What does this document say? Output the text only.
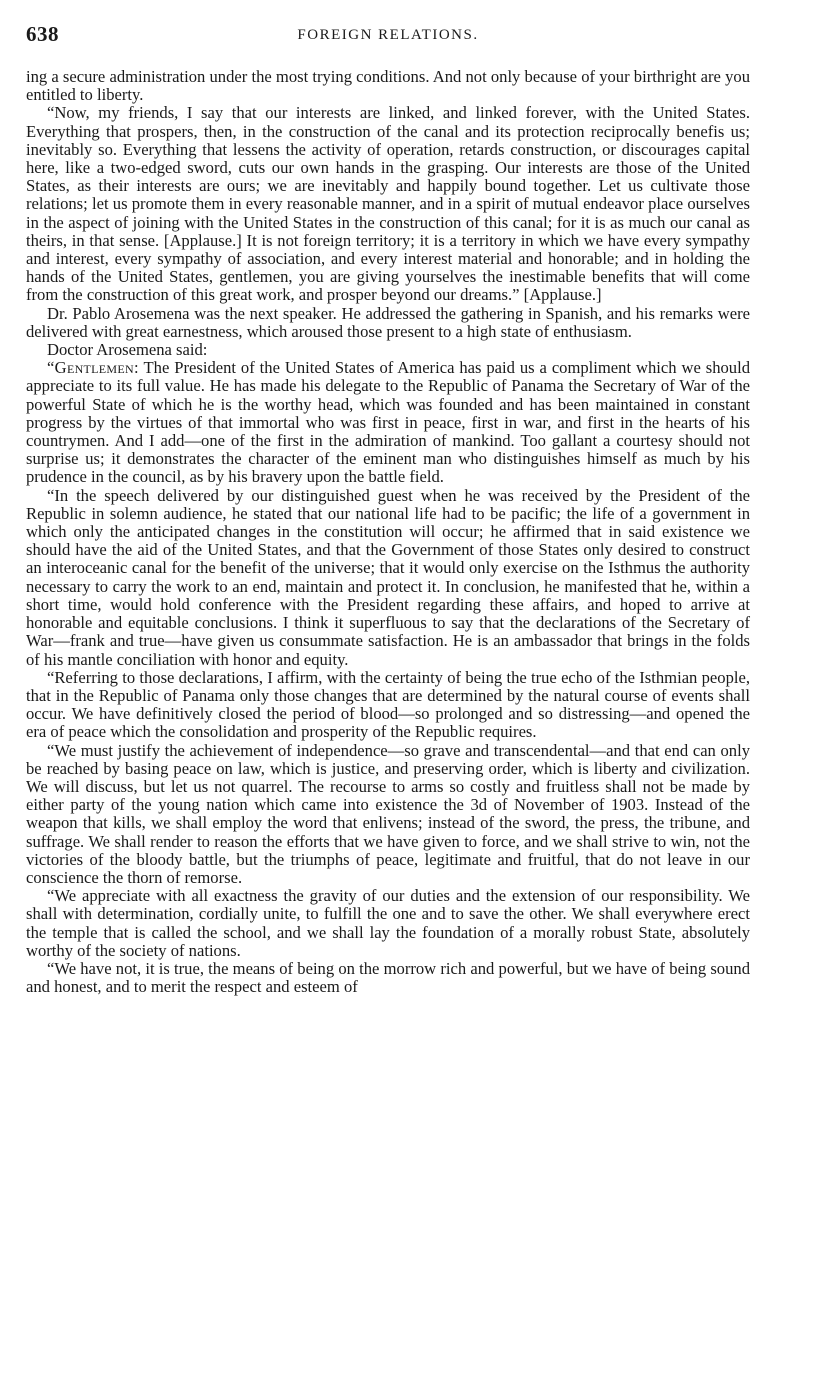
638	FOREIGN RELATIONS.

ing a secure administration under the most trying conditions. And not only because of your birthright are you entitled to liberty.

“Now, my friends, I say that our interests are linked, and linked forever, with the United States. Everything that prospers, then, in the construction of the canal and its protection reciprocally benefis us; inevitably so. Everything that lessens the activity of operation, retards construction, or discourages capital here, like a two-edged sword, cuts our own hands in the grasping. Our interests are those of the United States, as their interests are ours; we are inevitably and happily bound together. Let us cultivate those relations; let us promote them in every reasonable manner, and in a spirit of mutual endeavor place ourselves in the aspect of joining with the United States in the construction of this canal; for it is as much our canal as theirs, in that sense. [Applause.] It is not foreign territory; it is a territory in which we have every sympathy and interest, every sympathy of association, and every interest material and honorable; and in holding the hands of the United States, gentlemen, you are giving yourselves the inestimable benefits that will come from the construction of this great work, and prosper beyond our dreams.” [Applause.]

Dr. Pablo Arosemena was the next speaker. He addressed the gathering in Spanish, and his remarks were delivered with great earnestness, which aroused those present to a high state of enthusiasm.

Doctor Arosemena said:

“Gentlemen: The President of the United States of America has paid us a compliment which we should appreciate to its full value. He has made his delegate to the Republic of Panama the Secretary of War of the powerful State of which he is the worthy head, which was founded and has been maintained in constant progress by the virtues of that immortal who was first in peace, first in war, and first in the hearts of his countrymen. And I add—one of the first in the admiration of mankind. Too gallant a courtesy should not surprise us; it demonstrates the character of the eminent man who distinguishes himself as much by his prudence in the council, as by his bravery upon the battle field.

“In the speech delivered by our distinguished guest when he was received by the President of the Republic in solemn audience, he stated that our national life had to be pacific; the life of a government in which only the anticipated changes in the constitution will occur; he affirmed that in said existence we should have the aid of the United States, and that the Government of those States only desired to construct an interoceanic canal for the benefit of the universe; that it would only exercise on the Isthmus the authority necessary to carry the work to an end, maintain and protect it. In conclusion, he manifested that he, within a short time, would hold conference with the President regarding these affairs, and hoped to arrive at honorable and equitable conclusions. I think it superfluous to say that the declarations of the Secretary of War—frank and true—have given us consummate satisfaction. He is an ambassador that brings in the folds of his mantle conciliation with honor and equity.

“Referring to those declarations, I affirm, with the certainty of being the true echo of the Isthmian people, that in the Republic of Panama only those changes that are determined by the natural course of events shall occur. We have definitively closed the period of blood—so prolonged and so distressing—and opened the era of peace which the consolidation and prosperity of the Republic requires.

“We must justify the achievement of independence—so grave and transcendental—and that end can only be reached by basing peace on law, which is justice, and preserving order, which is liberty and civilization. We will discuss, but let us not quarrel. The recourse to arms so costly and fruitless shall not be made by either party of the young nation which came into existence the 3d of November of 1903. Instead of the weapon that kills, we shall employ the word that enlivens; instead of the sword, the press, the tribune, and suffrage. We shall render to reason the efforts that we have given to force, and we shall strive to win, not the victories of the bloody battle, but the triumphs of peace, legitimate and fruitful, that do not leave in our conscience the thorn of remorse.

“We appreciate with all exactness the gravity of our duties and the extension of our responsibility. We shall with determination, cordially unite, to fulfill the one and to save the other. We shall everywhere erect the temple that is called the school, and we shall lay the foundation of a morally robust State, absolutely worthy of the society of nations.

“We have not, it is true, the means of being on the morrow rich and powerful, but we have of being sound and honest, and to merit the respect and esteem of
